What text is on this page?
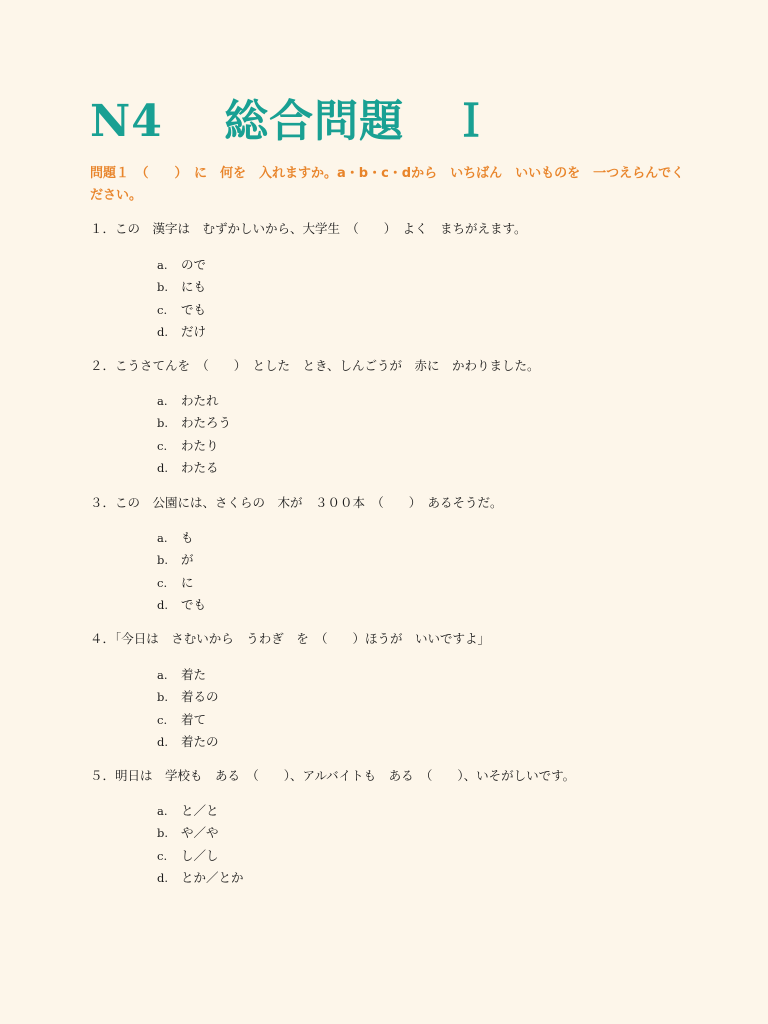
N4　 総合問題　Ｉ
問題１　（　　）　に　何を　入れますか。a・b・c・dから　いちばん　いいものを　一つえらんでください。
１．この　漢字は　むずかしいから、大学生　（　　）　よく　まちがえます。
a. ので
b. にも
c. でも
d. だけ
２．こうさてんを　（　　）　とした　とき、しんごうが　赤に　かわりました。
a. わたれ
b. わたろう
c. わたり
d. わたる
３．この　公園には、さくらの　木が　３００本　（　　）　あるそうだ。
a. も
b. が
c. に
d. でも
４．「今日は　さむいから　うわぎ　を　（　　）ほうが　いいですよ」
a. 着た
b. 着るの
c. 着て
d. 着たの
５．明日は　学校も　ある　（　　）、アルバイトも　ある　（　　）、いそがしいです。
a. と／と
b. や／や
c. し／し
d. とか／とか
